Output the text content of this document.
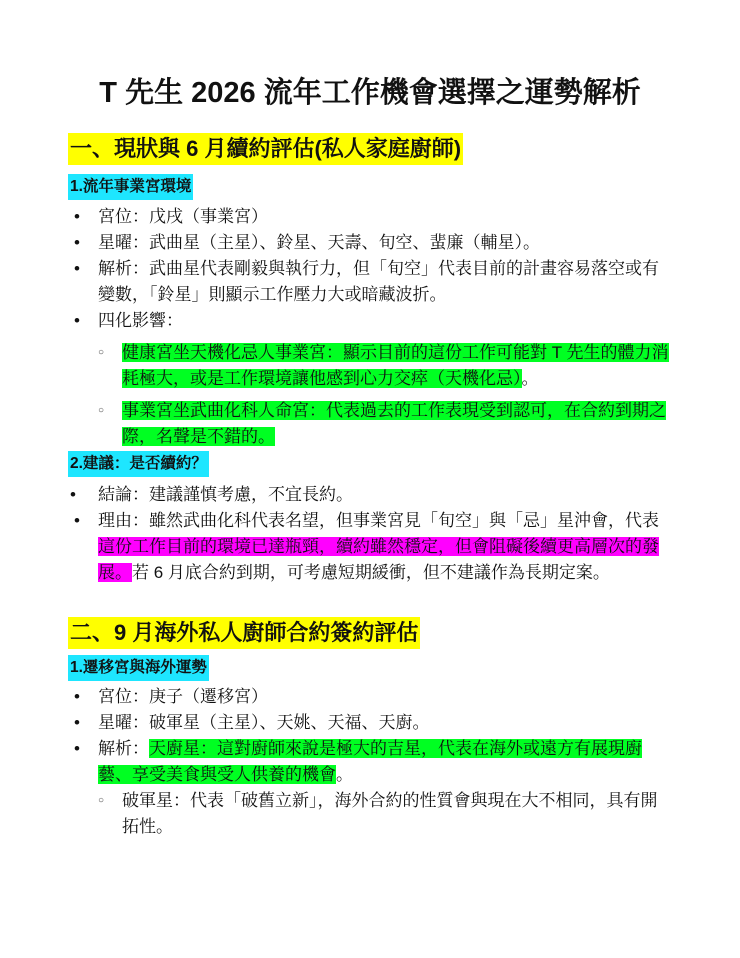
T 先生 2026 流年工作機會選擇之運勢解析
一、現狀與 6 月續約評估(私人家庭廚師)
1.流年事業宮環境
• 宮位：戊戌（事業宮）
• 星曜：武曲星（主星）、鈴星、天壽、旬空、蜚廉（輔星）。
• 解析：武曲星代表剛毅與執行力，但「旬空」代表目前的計畫容易落空或有變數，「鈴星」則顯示工作壓力大或暗藏波折。
• 四化影響：
○ 健康宮坐天機化忌人事業宮：顯示目前的這份工作可能對 T 先生的體力消耗極大，或是工作環境讓他感到心力交瘁（天機化忌）。
○ 事業宮坐武曲化科人命宮：代表過去的工作表現受到認可，在合約到期之際，名聲是不錯的。
2.建議：是否續約？
• 結論：建議謹慎考慮，不宜長約。
• 理由：雖然武曲化科代表名望，但事業宮見「旬空」與「忌」星沖會，代表這份工作目前的環境已達瓶頸，續約雖然穩定，但會阻礙後續更高層次的發展。若 6 月底合約到期，可考慮短期緩衝，但不建議作為長期定案。
二、9 月海外私人廚師合約簽約評估
1.遷移宮與海外運勢
• 宮位：庚子（遷移宮）
• 星曜：破軍星（主星）、天姚、天福、天廚。
• 解析：天廚星：這對廚師來說是極大的吉星，代表在海外或遠方有展現廚藝、享受美食與受人供養的機會。
○ 破軍星：代表「破舊立新」，海外合約的性質會與現在大不相同，具有開拓性。
